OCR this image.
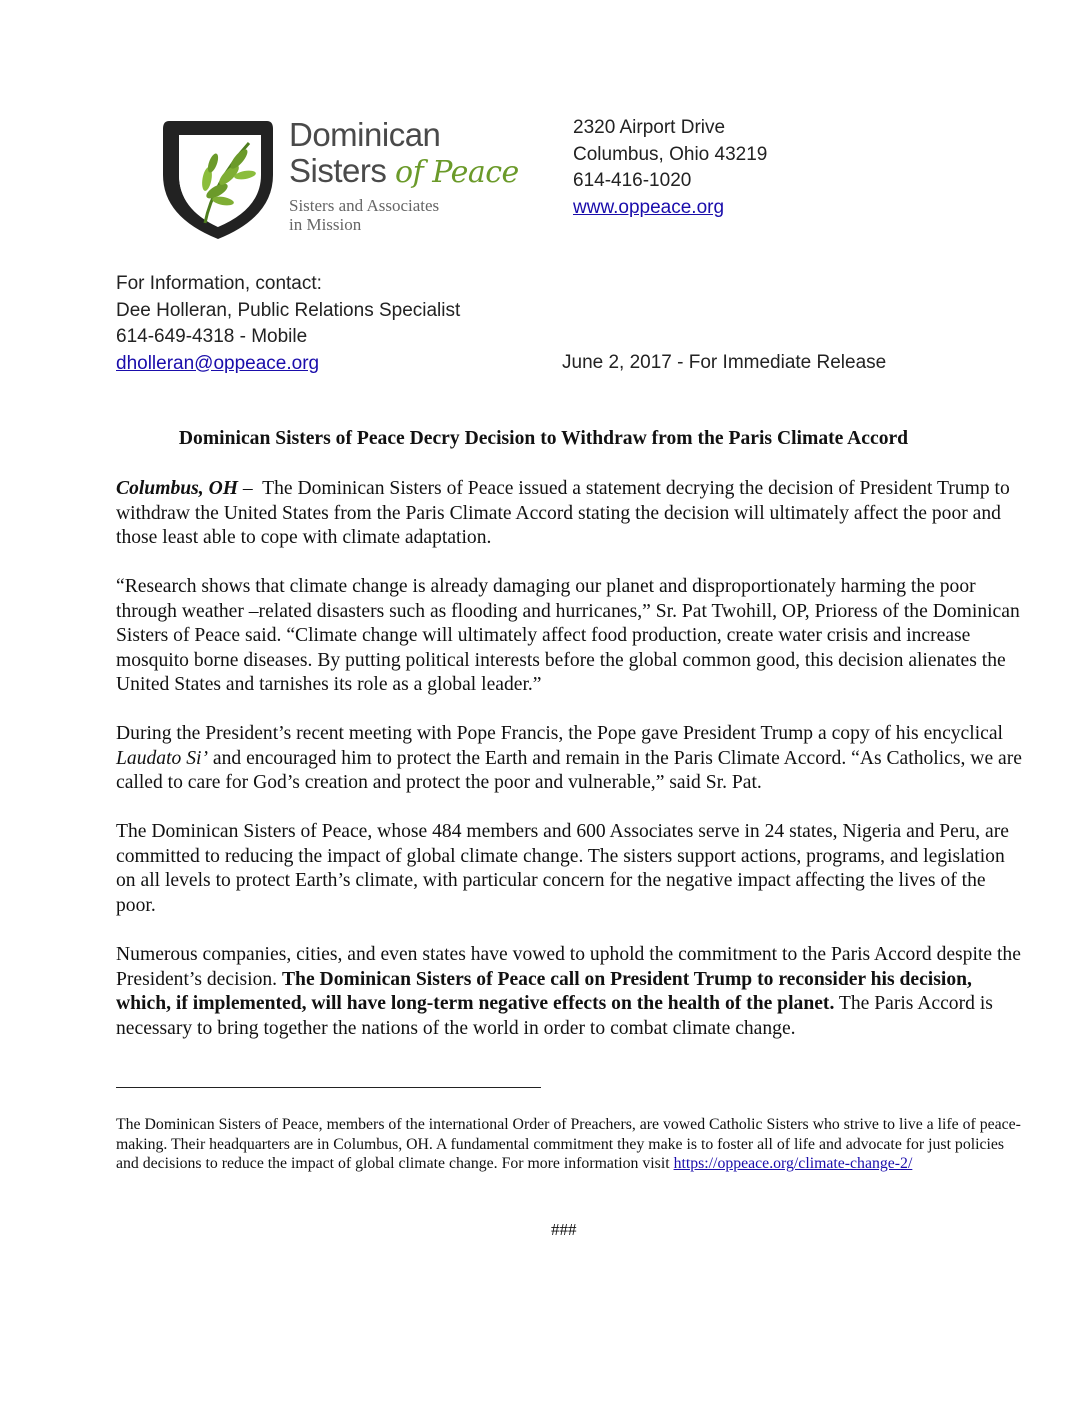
Dominican
Sisters of Peace
Sisters and Associates
in Mission
2320 Airport Drive
Columbus, Ohio 43219
614-416-1020
www.oppeace.org
For Information, contact:
Dee Holleran, Public Relations Specialist
614-649-4318 - Mobile
dholleran@oppeace.org	June 2, 2017 - For Immediate Release
Dominican Sisters of Peace Decry Decision to Withdraw from the Paris Climate Accord

Columbus, OH –  The Dominican Sisters of Peace issued a statement decrying the decision of President Trump to withdraw the United States from the Paris Climate Accord stating the decision will ultimately affect the poor and those least able to cope with climate adaptation.

“Research shows that climate change is already damaging our planet and disproportionately harming the poor through weather –related disasters such as flooding and hurricanes,” Sr. Pat Twohill, OP, Prioress of the Dominican Sisters of Peace said. “Climate change will ultimately affect food production, create water crisis and increase mosquito borne diseases. By putting political interests before the global common good, this decision alienates the United States and tarnishes its role as a global leader.”

During the President’s recent meeting with Pope Francis, the Pope gave President Trump a copy of his encyclical Laudato Si’ and encouraged him to protect the Earth and remain in the Paris Climate Accord. “As Catholics, we are called to care for God’s creation and protect the poor and vulnerable,” said Sr. Pat.

The Dominican Sisters of Peace, whose 484 members and 600 Associates serve in 24 states, Nigeria and Peru, are committed to reducing the impact of global climate change. The sisters support actions, programs, and legislation on all levels to protect Earth’s climate, with particular concern for the negative impact affecting the lives of the poor.

Numerous companies, cities, and even states have vowed to uphold the commitment to the Paris Accord despite the President’s decision. The Dominican Sisters of Peace call on President Trump to reconsider his decision, which, if implemented, will have long-term negative effects on the health of the planet. The Paris Accord is necessary to bring together the nations of the world in order to combat climate change.

The Dominican Sisters of Peace, members of the international Order of Preachers, are vowed Catholic Sisters who strive to live a life of peace-making. Their headquarters are in Columbus, OH. A fundamental commitment they make is to foster all of life and advocate for just policies and decisions to reduce the impact of global climate change. For more information visit https://oppeace.org/climate-change-2/

###
